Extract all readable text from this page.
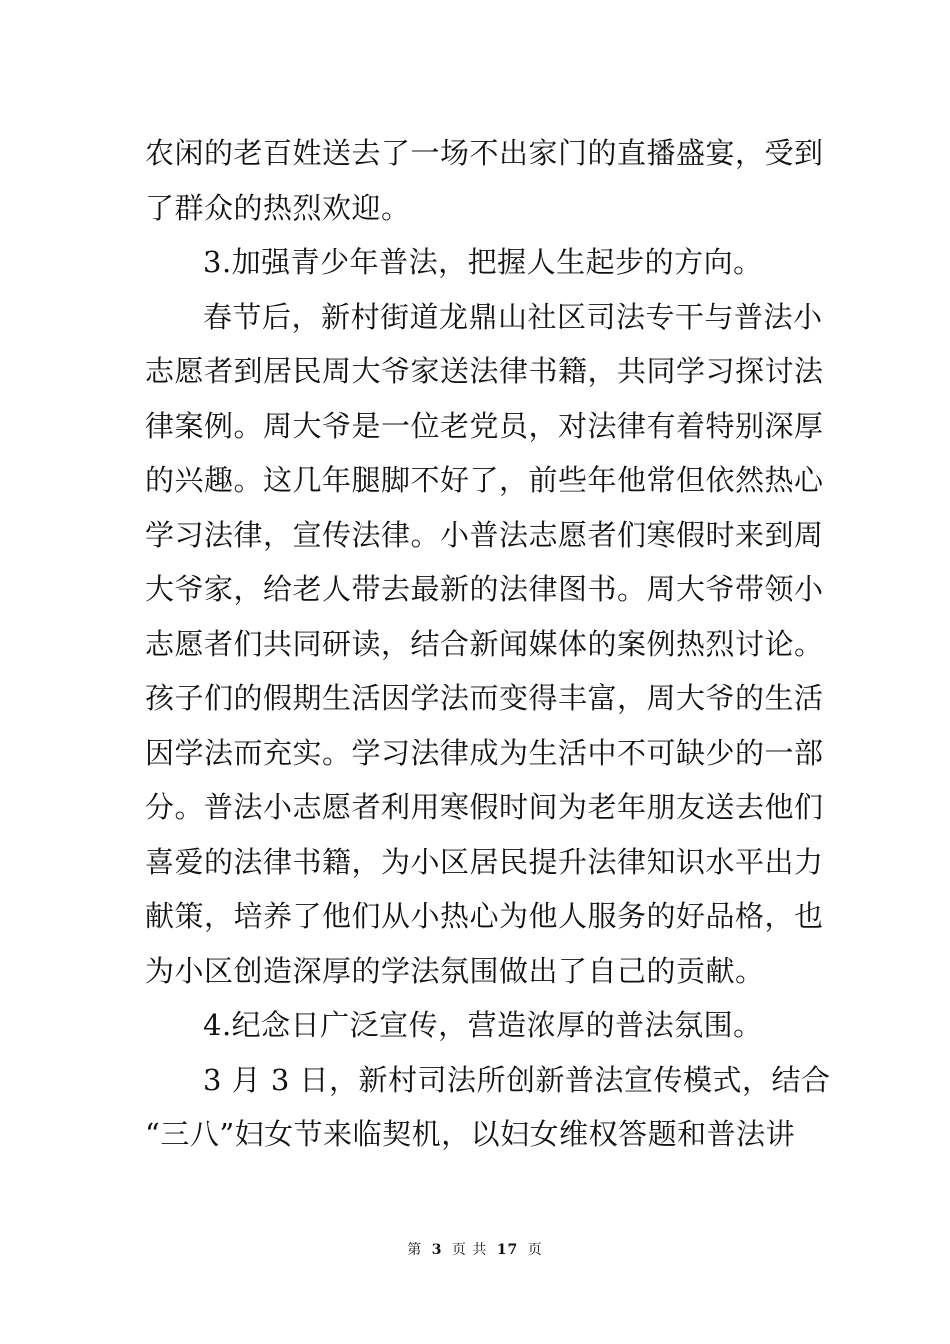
农闲的老百姓送去了一场不出家门的直播盛宴，受到
了群众的热烈欢迎。
3.加强青少年普法，把握人生起步的方向。
春节后，新村街道龙鼎山社区司法专干与普法小
志愿者到居民周大爷家送法律书籍，共同学习探讨法
律案例。周大爷是一位老党员，对法律有着特别深厚
的兴趣。这几年腿脚不好了，前些年他常但依然热心
学习法律，宣传法律。小普法志愿者们寒假时来到周
大爷家，给老人带去最新的法律图书。周大爷带领小
志愿者们共同研读，结合新闻媒体的案例热烈讨论。
孩子们的假期生活因学法而变得丰富，周大爷的生活
因学法而充实。学习法律成为生活中不可缺少的一部
分。普法小志愿者利用寒假时间为老年朋友送去他们
喜爱的法律书籍，为小区居民提升法律知识水平出力
献策，培养了他们从小热心为他人服务的好品格，也
为小区创造深厚的学法氛围做出了自己的贡献。
4.纪念日广泛宣传，营造浓厚的普法氛围。
3 月 3 日，新村司法所创新普法宣传模式，结合
“三八”妇女节来临契机，以妇女维权答题和普法讲
第 3 页 共 17 页
